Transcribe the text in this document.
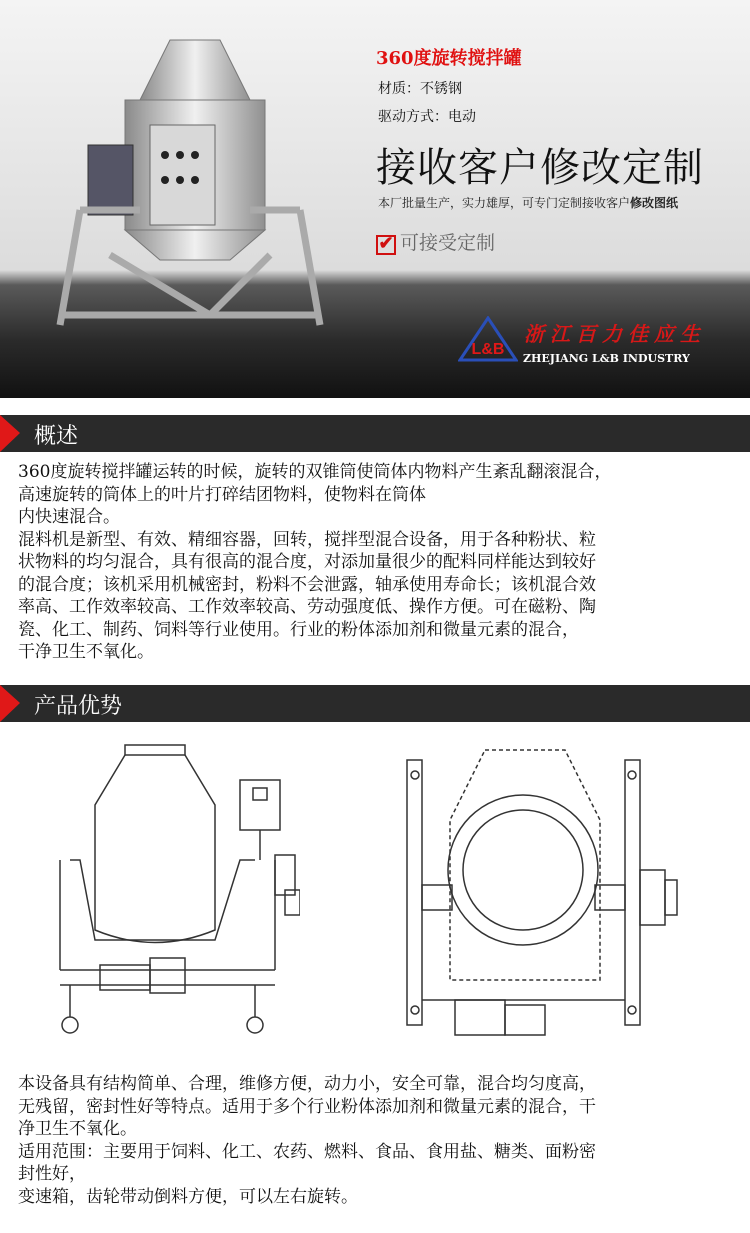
360度旋转搅拌罐
材质：不锈钢
驱动方式：电动
接收客户修改定制
本厂批量生产，实力雄厚，可专门定制接收客户修改图纸
✔ 可接受定制
L&B
浙江百力佳应生
ZHEJIANG L&B INDUSTRY
概述
360度旋转搅拌罐运转的时候，旋转的双锥筒使筒体内物料产生紊乱翻滚混合，
高速旋转的筒体上的叶片打碎结团物料，使物料在筒体
内快速混合。
混料机是新型、有效、精细容器，回转，搅拌型混合设备，用于各种粉状、粒
状物料的均匀混合，具有很高的混合度，对添加量很少的配料同样能达到较好
的混合度；该机采用机械密封，粉料不会泄露，轴承使用寿命长；该机混合效
率高、工作效率较高、工作效率较高、劳动强度低、操作方便。可在磁粉、陶
瓷、化工、制药、饲料等行业使用。行业的粉体添加剂和微量元素的混合，
干净卫生不氧化。
产品优势
本设备具有结构简单、合理，维修方便，动力小，安全可靠，混合均匀度高，
无残留，密封性好等特点。适用于多个行业粉体添加剂和微量元素的混合，干
净卫生不氧化。
适用范围：主要用于饲料、化工、农药、燃料、食品、食用盐、糖类、面粉密
封性好，
变速箱，齿轮带动倒料方便，可以左右旋转。
